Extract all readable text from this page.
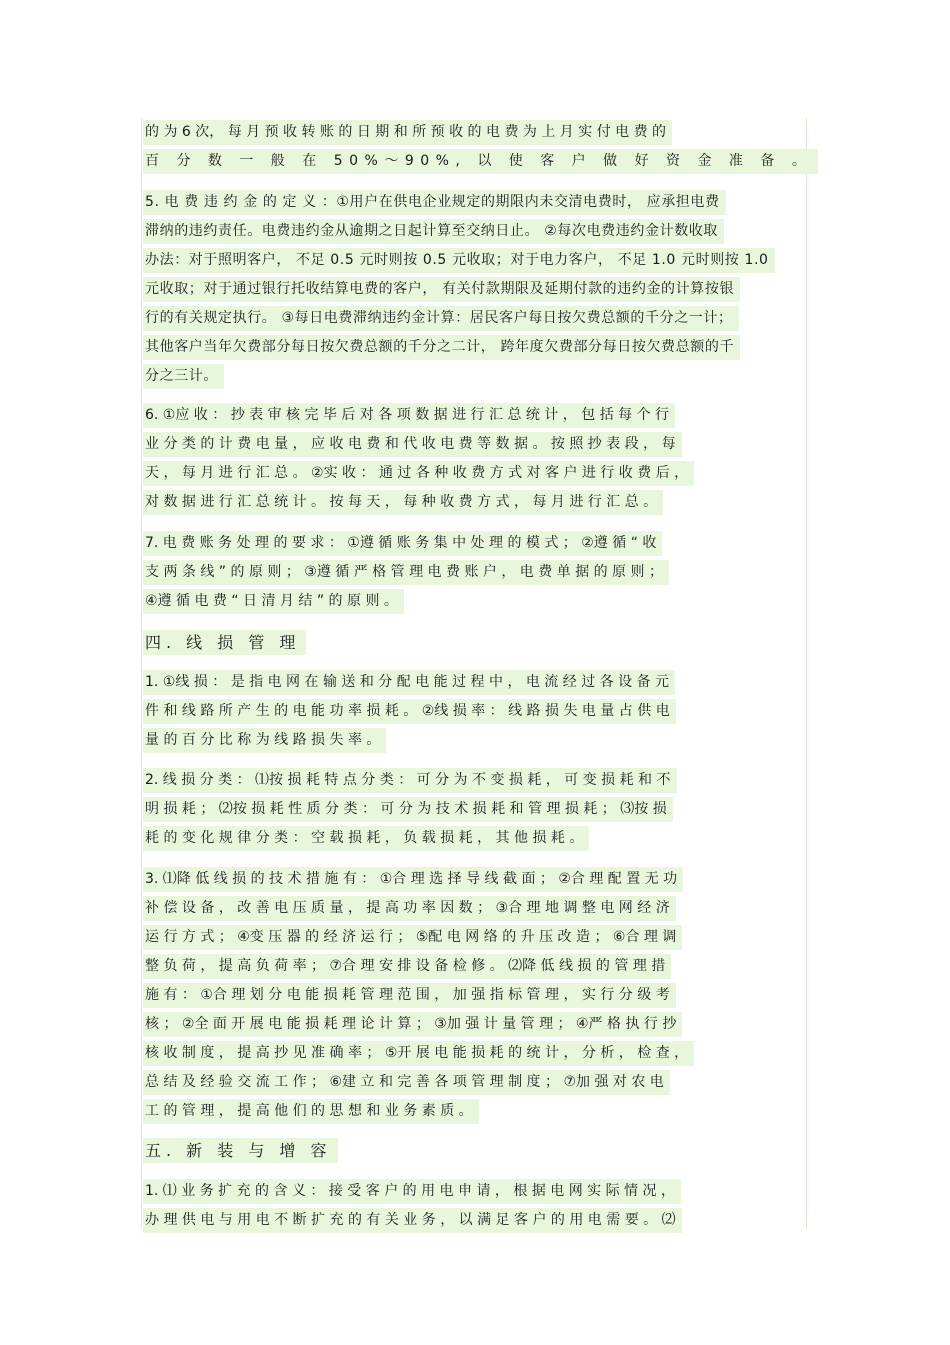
的 为 6 次， 每 月 预 收 转 账 的 日 期 和 所 预 收 的 电 费 为 上 月 实 付 电 费 的
百 分 数 一 般 在 50%～90%, 以 使 客 户 做 好 资 金 准 备 。
5. 电 费 违 约 金 的 定 义 ：①用户在供电企业规定的期限内未交清电费时， 应承担电费
滞纳的违约责任。电费违约金从逾期之日起计算至交纳日止。 ②每次电费违约金计数收取
办法：对于照明客户， 不足 0.5 元时则按 0.5 元收取；对于电力客户， 不足 1.0 元时则按 1.0
元收取；对于通过银行托收结算电费的客户， 有关付款期限及延期付款的违约金的计算按银
行的有关规定执行。 ③每日电费滞纳违约金计算：居民客户每日按欠费总额的千分之一计；
其他客户当年欠费部分每日按欠费总额的千分之二计， 跨年度欠费部分每日按欠费总额的千
分之三计。
6. ①应 收 ： 抄 表 审 核 完 毕 后 对 各 项 数 据 进 行 汇 总 统 计 ， 包 括 每 个 行
业 分 类 的 计 费 电 量 ， 应 收 电 费 和 代 收 电 费 等 数 据 。 按 照 抄 表 段 ， 每
天 ， 每 月 进 行 汇 总 。 ②实 收 ： 通 过 各 种 收 费 方 式 对 客 户 进 行 收 费 后 ，
对 数 据 进 行 汇 总 统 计 。 按 每 天 ， 每 种 收 费 方 式 ， 每 月 进 行 汇 总 。
7. 电 费 账 务 处 理 的 要 求 ： ①遵 循 账 务 集 中 处 理 的 模 式 ； ②遵 循 “ 收
支 两 条 线 ” 的 原 则 ； ③遵 循 严 格 管 理 电 费 账 户 ， 电 费 单 据 的 原 则 ；
④遵 循 电 费 “ 日 清 月 结 ” 的 原 则 。
四. 线 损 管 理
1. ①线 损 ： 是 指 电 网 在 输 送 和 分 配 电 能 过 程 中 ， 电 流 经 过 各 设 备 元
件 和 线 路 所 产 生 的 电 能 功 率 损 耗 。 ②线 损 率 ： 线 路 损 失 电 量 占 供 电
量 的 百 分 比 称 为 线 路 损 失 率 。
2. 线 损 分 类 ： ⑴按 损 耗 特 点 分 类 ： 可 分 为 不 变 损 耗 ， 可 变 损 耗 和 不
明 损 耗 ； ⑵按 损 耗 性 质 分 类 ： 可 分 为 技 术 损 耗 和 管 理 损 耗 ； ⑶按 损
耗 的 变 化 规 律 分 类 ： 空 载 损 耗 ， 负 载 损 耗 ， 其 他 损 耗 。
3. ⑴降 低 线 损 的 技 术 措 施 有 ： ①合 理 选 择 导 线 截 面 ； ②合 理 配 置 无 功
补 偿 设 备 ， 改 善 电 压 质 量 ， 提 高 功 率 因 数 ； ③合 理 地 调 整 电 网 经 济
运 行 方 式 ； ④变 压 器 的 经 济 运 行 ； ⑤配 电 网 络 的 升 压 改 造 ； ⑥合 理 调
整 负 荷 ， 提 高 负 荷 率 ； ⑦合 理 安 排 设 备 检 修 。 ⑵降 低 线 损 的 管 理 措
施 有 ： ①合 理 划 分 电 能 损 耗 管 理 范 围 ， 加 强 指 标 管 理 ， 实 行 分 级 考
核 ； ②全 面 开 展 电 能 损 耗 理 论 计 算 ； ③加 强 计 量 管 理 ； ④严 格 执 行 抄
核 收 制 度 ， 提 高 抄 见 准 确 率 ； ⑤开 展 电 能 损 耗 的 统 计 ， 分 析 ， 检 查 ，
总 结 及 经 验 交 流 工 作 ； ⑥建 立 和 完 善 各 项 管 理 制 度 ； ⑦加 强 对 农 电
工 的 管 理 ， 提 高 他 们 的 思 想 和 业 务 素 质 。
五. 新 装 与 增 容
1. ⑴ 业 务 扩 充 的 含 义 ： 接 受 客 户 的 用 电 申 请 ， 根 据 电 网 实 际 情 况 ，
办 理 供 电 与 用 电 不 断 扩 充 的 有 关 业 务 ， 以 满 足 客 户 的 用 电 需 要 。 ⑵
